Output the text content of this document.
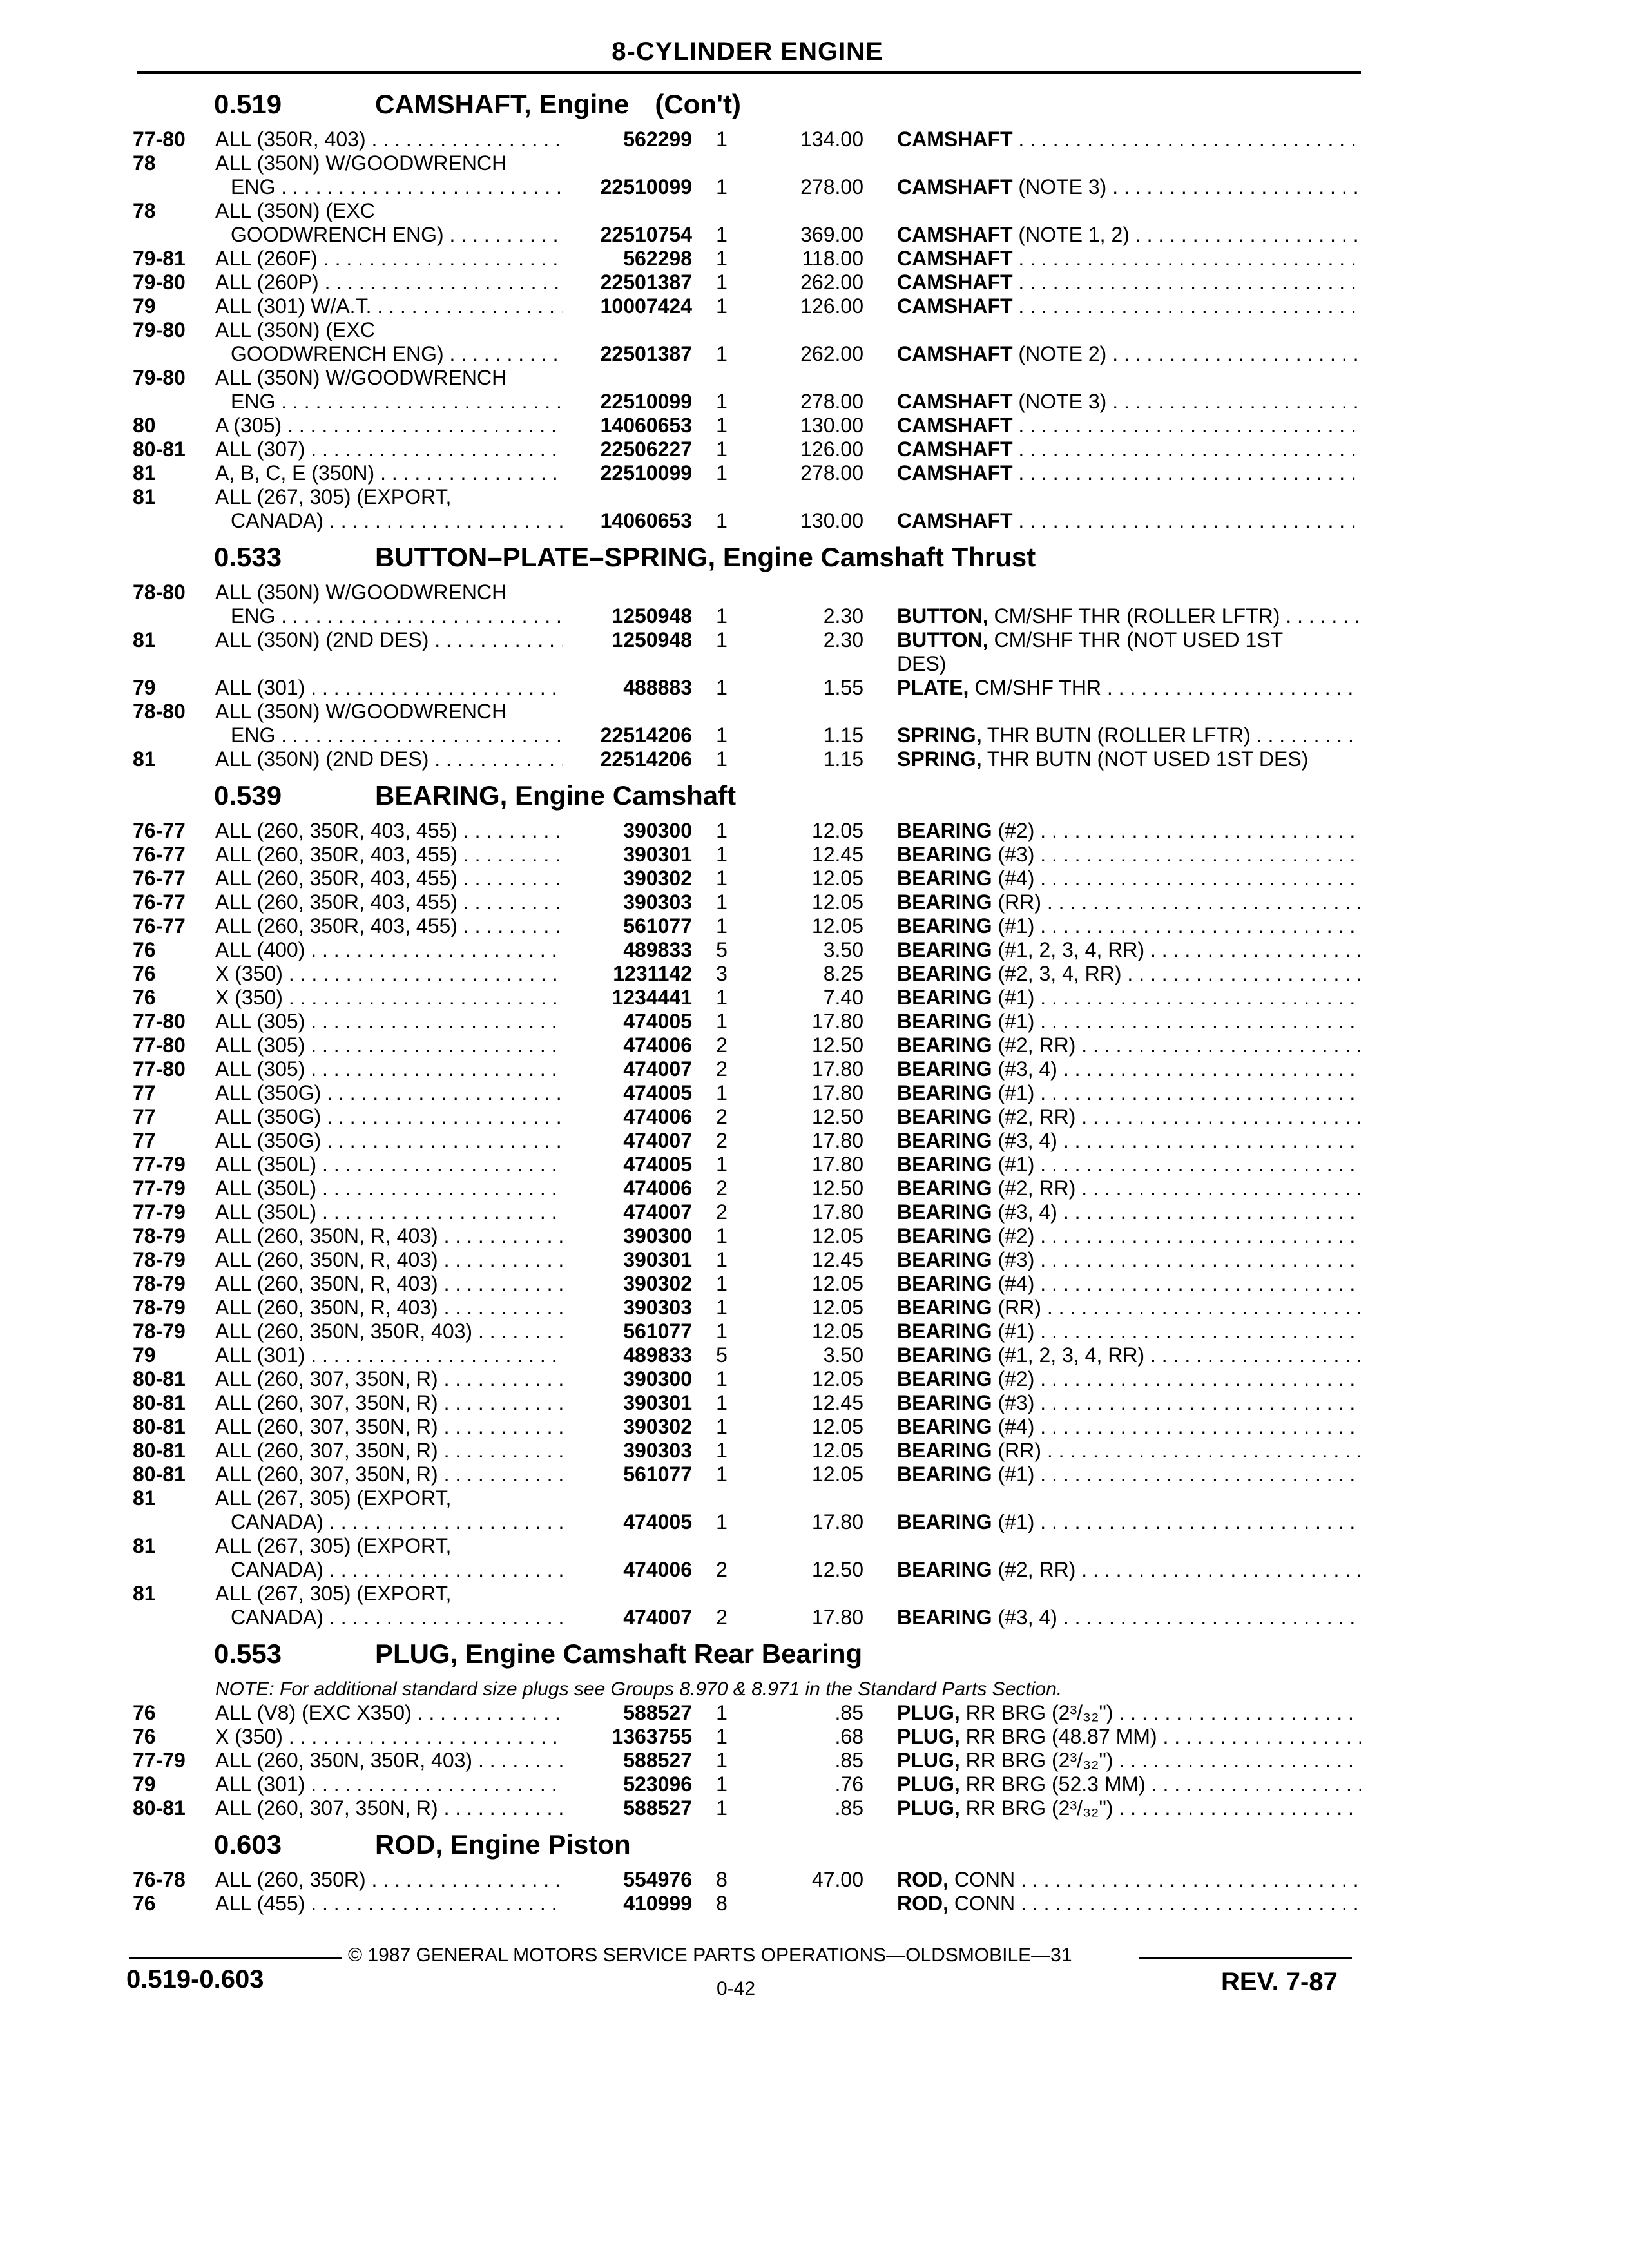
8-CYLINDER ENGINE
0.519	CAMSHAFT, Engine (Con't)
77-80 ALL (350R, 403) . . .	562299	1	134.00 CAMSHAFT . . .
78	ALL (350N) W/GOODWRENCH
ENG . . .	22510099	1	278.00 CAMSHAFT (NOTE 3) . . .
78	ALL (350N) (EXC
GOODWRENCH ENG) . . .	22510754	1	369.00 CAMSHAFT (NOTE 1, 2) . . .
79-81 ALL (260F) . . .	562298	1	118.00 CAMSHAFT . . .
79-80 ALL (260P) . . .	22501387	1	262.00 CAMSHAFT . . .
79	ALL (301) W/A.T. . . .	10007424	1	126.00 CAMSHAFT . . .
79-80 ALL (350N) (EXC
GOODWRENCH ENG) . . .	22501387	1	262.00 CAMSHAFT (NOTE 2) . . .
79-80 ALL (350N) W/GOODWRENCH
ENG . . .	22510099	1	278.00 CAMSHAFT (NOTE 3) . . .
80	A (305) . . .	14060653	1	130.00 CAMSHAFT . . .
80-81 ALL (307) . . .	22506227	1	126.00 CAMSHAFT . . .
81	A, B, C, E (350N) . . .	22510099	1	278.00 CAMSHAFT . . .
81	ALL (267, 305) (EXPORT,
CANADA) . . .	14060653	1	130.00 CAMSHAFT . . .
0.533	BUTTON–PLATE–SPRING, Engine Camshaft Thrust
78-80 ALL (350N) W/GOODWRENCH
ENG . . .	1250948	1	2.30 BUTTON, CM/SHF THR (ROLLER LFTR) . . .
81	ALL (350N) (2ND DES) . . .	1250948	1	2.30 BUTTON, CM/SHF THR (NOT USED 1ST
DES)
79	ALL (301) . . .	488883	1	1.55 PLATE, CM/SHF THR . . .
78-80 ALL (350N) W/GOODWRENCH
ENG . . .	22514206	1	1.15 SPRING, THR BUTN (ROLLER LFTR) . . .
81	ALL (350N) (2ND DES) . . .	22514206	1	1.15 SPRING, THR BUTN (NOT USED 1ST DES)
0.539	BEARING, Engine Camshaft
76-77 ALL (260, 350R, 403, 455) . . .	390300	1	12.05 BEARING (#2) . . .
76-77 ALL (260, 350R, 403, 455) . . .	390301	1	12.45 BEARING (#3) . . .
76-77 ALL (260, 350R, 403, 455) . . .	390302	1	12.05 BEARING (#4) . . .
76-77 ALL (260, 350R, 403, 455) . . .	390303	1	12.05 BEARING (RR) . . .
76-77 ALL (260, 350R, 403, 455) . . .	561077	1	12.05 BEARING (#1) . . .
76	ALL (400) . . .	489833	5	3.50 BEARING (#1, 2, 3, 4, RR) . . .
76	X (350) . . .	1231142	3	8.25 BEARING (#2, 3, 4, RR) . . .
76	X (350) . . .	1234441	1	7.40 BEARING (#1) . . .
77-80 ALL (305) . . .	474005	1	17.80 BEARING (#1) . . .
77-80 ALL (305) . . .	474006	2	12.50 BEARING (#2, RR) . . .
77-80 ALL (305) . . .	474007	2	17.80 BEARING (#3, 4) . . .
77	ALL (350G) . . .	474005	1	17.80 BEARING (#1) . . .
77	ALL (350G) . . .	474006	2	12.50 BEARING (#2, RR) . . .
77	ALL (350G) . . .	474007	2	17.80 BEARING (#3, 4) . . .
77-79 ALL (350L) . . .	474005	1	17.80 BEARING (#1) . . .
77-79 ALL (350L) . . .	474006	2	12.50 BEARING (#2, RR) . . .
77-79 ALL (350L) . . .	474007	2	17.80 BEARING (#3, 4) . . .
78-79 ALL (260, 350N, R, 403) . . .	390300	1	12.05 BEARING (#2) . . .
78-79 ALL (260, 350N, R, 403) . . .	390301	1	12.45 BEARING (#3) . . .
78-79 ALL (260, 350N, R, 403) . . .	390302	1	12.05 BEARING (#4) . . .
78-79 ALL (260, 350N, R, 403) . . .	390303	1	12.05 BEARING (RR) . . .
78-79 ALL (260, 350N, 350R, 403) . . .	561077	1	12.05 BEARING (#1) . . .
79	ALL (301) . . .	489833	5	3.50 BEARING (#1, 2, 3, 4, RR) . . .
80-81 ALL (260, 307, 350N, R) . . .	390300	1	12.05 BEARING (#2) . . .
80-81 ALL (260, 307, 350N, R) . . .	390301	1	12.45 BEARING (#3) . . .
80-81 ALL (260, 307, 350N, R) . . .	390302	1	12.05 BEARING (#4) . . .
80-81 ALL (260, 307, 350N, R) . . .	390303	1	12.05 BEARING (RR) . . .
80-81 ALL (260, 307, 350N, R) . . .	561077	1	12.05 BEARING (#1) . . .
81	ALL (267, 305) (EXPORT,
CANADA) . . .	474005	1	17.80 BEARING (#1) . . .
81	ALL (267, 305) (EXPORT,
CANADA) . . .	474006	2	12.50 BEARING (#2, RR) . . .
81	ALL (267, 305) (EXPORT,
CANADA) . . .	474007	2	17.80 BEARING (#3, 4) . . .
0.553	PLUG, Engine Camshaft Rear Bearing
NOTE: For additional standard size plugs see Groups 8.970 & 8.971 in the Standard Parts Section.
76	ALL (V8) (EXC X350) . . .	588527	1	.85 PLUG, RR BRG (2³/₃₂") . . .
76	X (350) . . .	1363755	1	.68 PLUG, RR BRG (48.87 MM) . . .
77-79 ALL (260, 350N, 350R, 403) . . .	588527	1	.85 PLUG, RR BRG (2³/₃₂") . . .
79	ALL (301) . . .	523096	1	.76 PLUG, RR BRG (52.3 MM) . . .
80-81 ALL (260, 307, 350N, R) . . .	588527	1	.85 PLUG, RR BRG (2³/₃₂") . . .
0.603	ROD, Engine Piston
76-78 ALL (260, 350R) . . .	554976	8	47.00 ROD, CONN . . .
76	ALL (455) . . .	410999	8	ROD, CONN . . .
© 1987 GENERAL MOTORS SERVICE PARTS OPERATIONS—OLDSMOBILE—31
0.519-0.603	0-42	REV. 7-87
